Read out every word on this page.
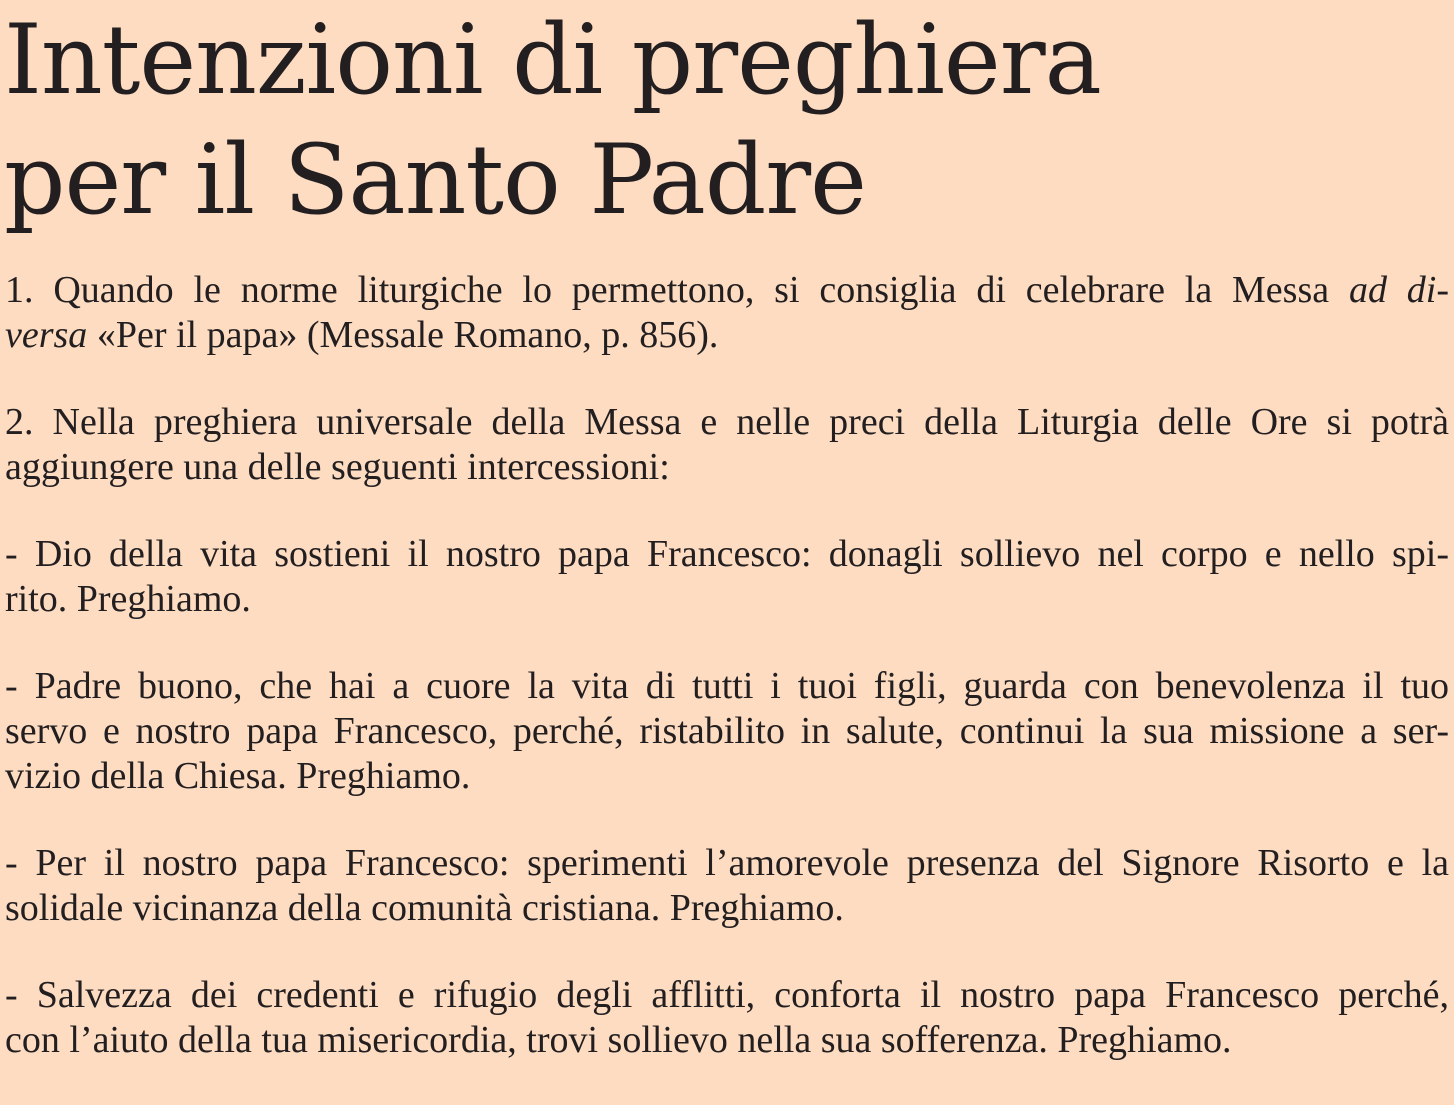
Intenzioni di preghiera
per il Santo Padre
1. Quando le norme liturgiche lo permettono, si consiglia di celebrare la Messa ad di-
versa «Per il papa» (Messale Romano, p. 856).
2. Nella preghiera universale della Messa e nelle preci della Liturgia delle Ore si potrà
aggiungere una delle seguenti intercessioni:
- Dio della vita sostieni il nostro papa Francesco: donagli sollievo nel corpo e nello spi-
rito. Preghiamo.
- Padre buono, che hai a cuore la vita di tutti i tuoi figli, guarda con benevolenza il tuo
servo e nostro papa Francesco, perché, ristabilito in salute, continui la sua missione a ser-
vizio della Chiesa. Preghiamo.
- Per il nostro papa Francesco: sperimenti l’amorevole presenza del Signore Risorto e la
solidale vicinanza della comunità cristiana. Preghiamo.
- Salvezza dei credenti e rifugio degli afflitti, conforta il nostro papa Francesco perché,
con l’aiuto della tua misericordia, trovi sollievo nella sua sofferenza. Preghiamo.
